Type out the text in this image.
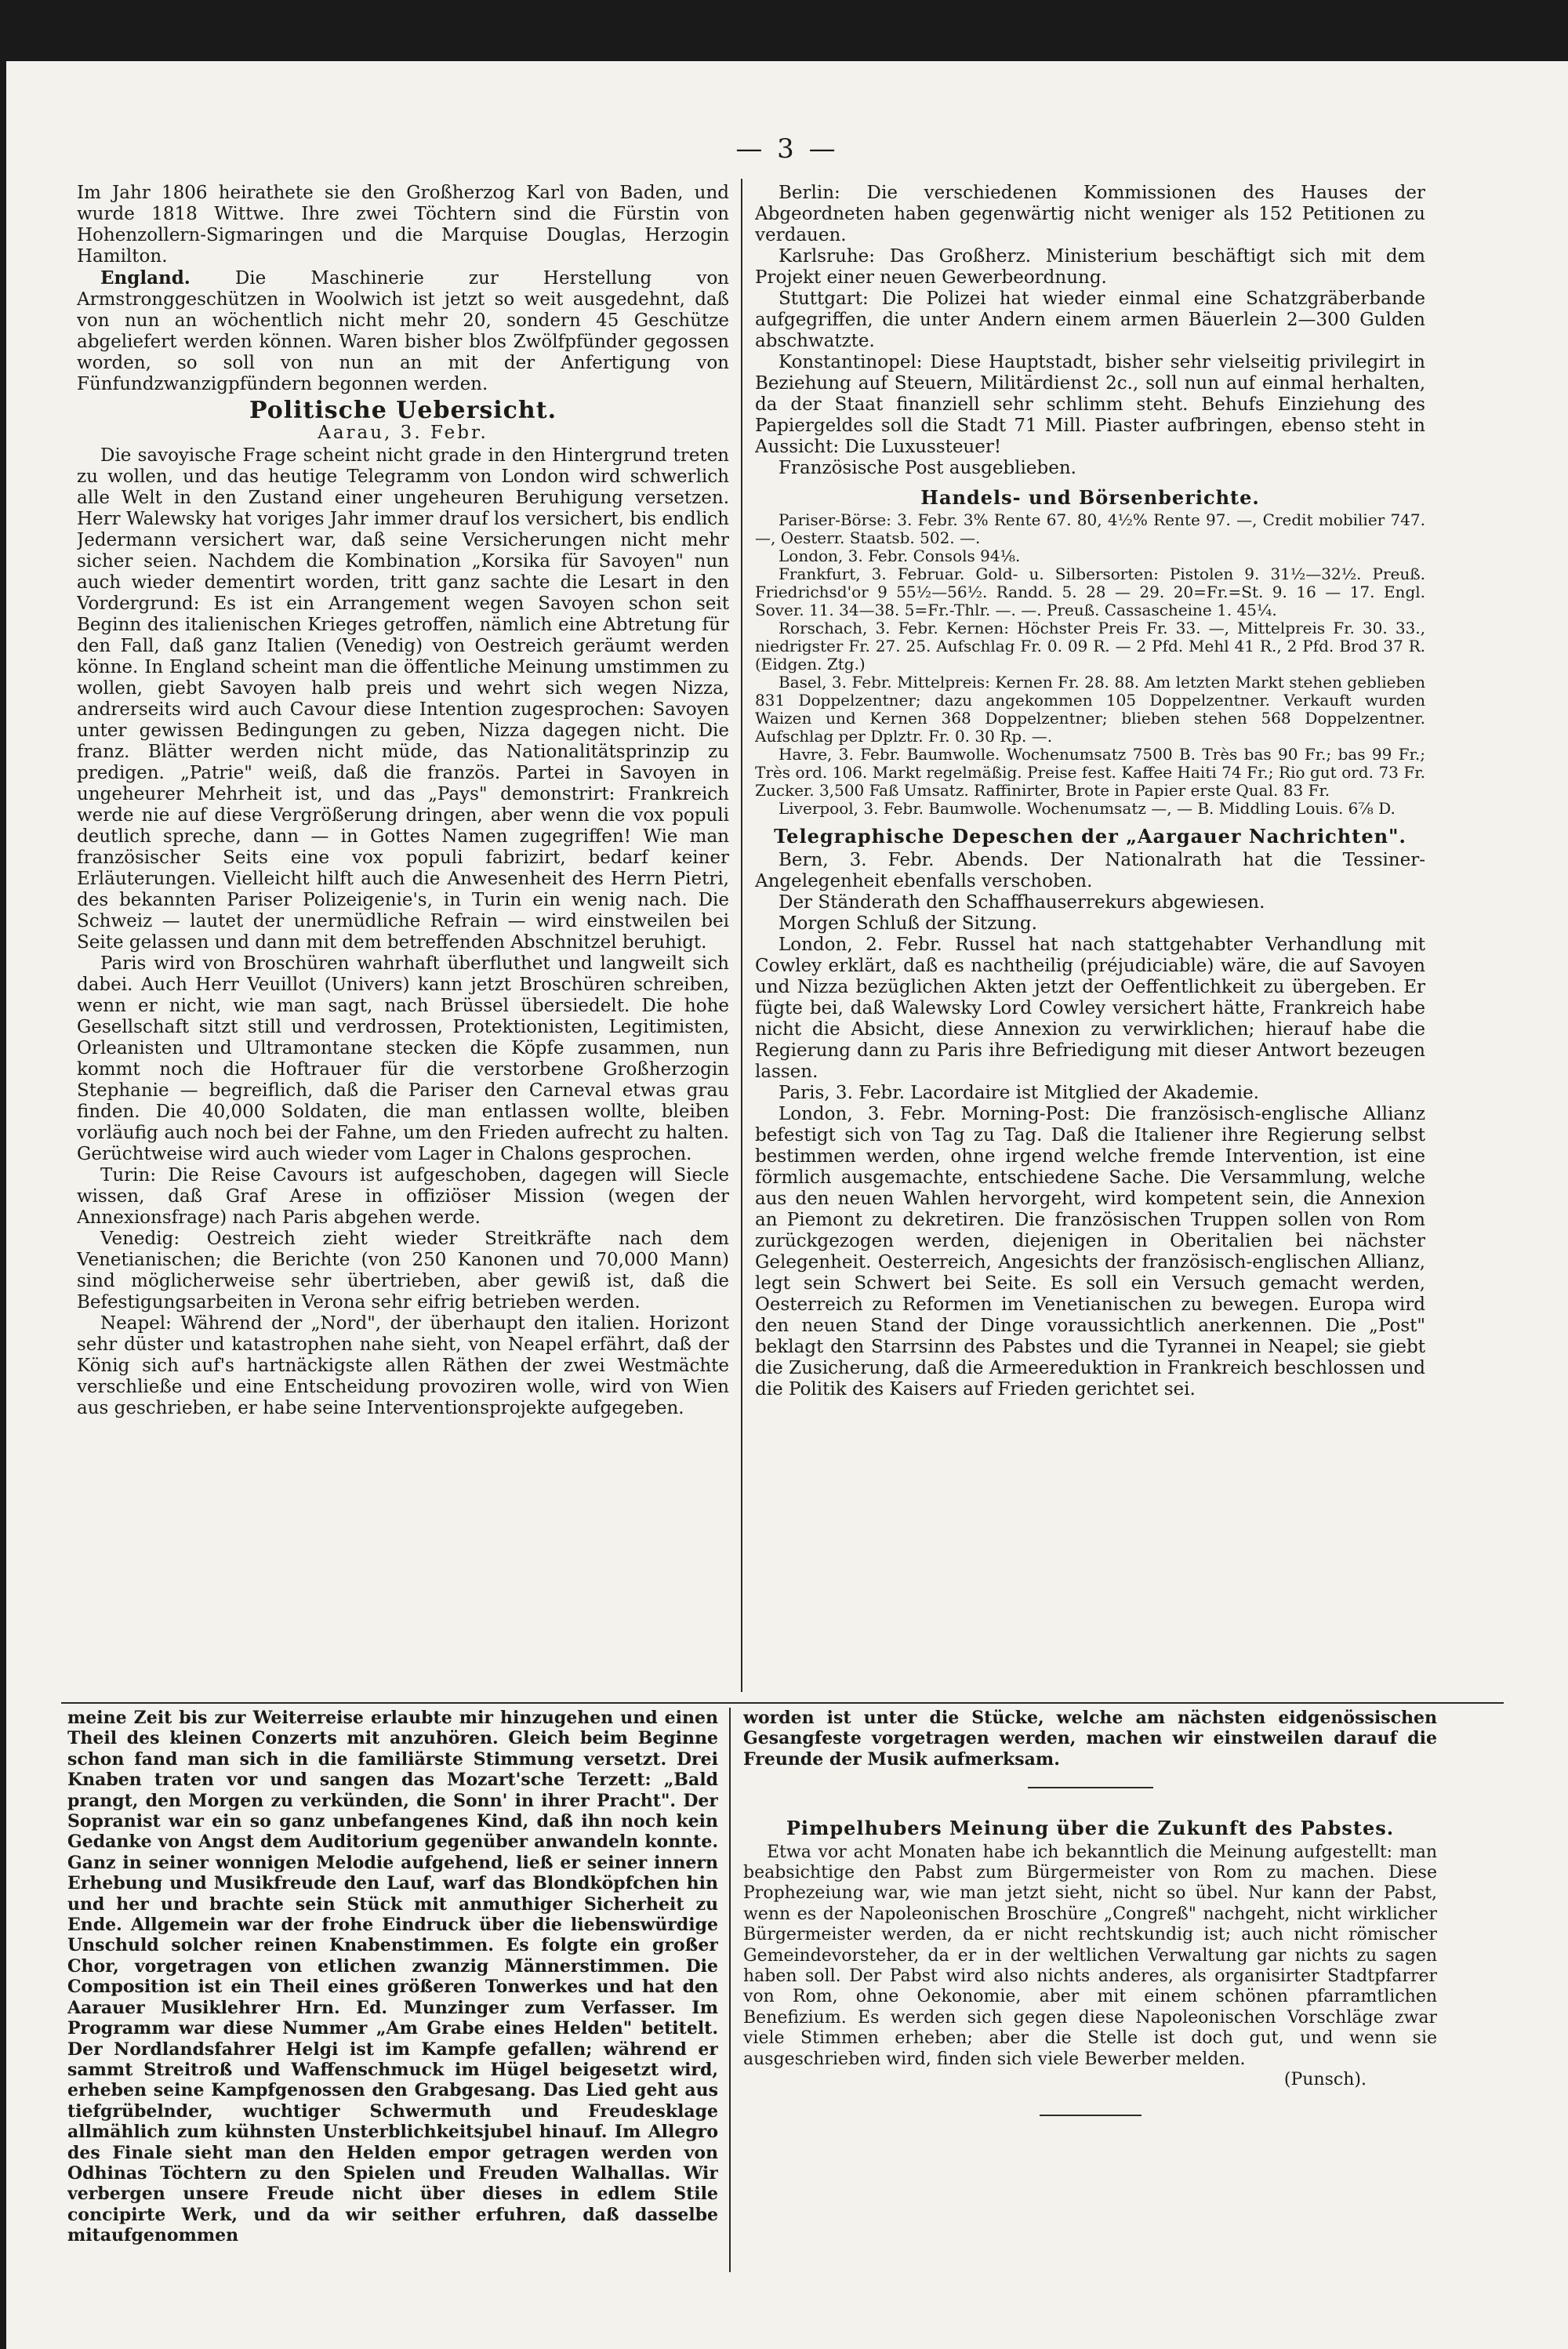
— 3 —

Im Jahr 1806 heirathete sie den Großherzog Karl von Baden, und wurde 1818 Wittwe. Ihre zwei Töchtern sind die Fürstin von Hohenzollern-Sigmaringen und die Marquise Douglas, Herzogin Hamilton.

England. Die Maschinerie zur Herstellung von Armstronggeschützen in Woolwich ist jetzt so weit ausgedehnt, daß von nun an wöchentlich nicht mehr 20, sondern 45 Geschütze abgeliefert werden können. Waren bisher blos Zwölfpfünder gegossen worden, so soll von nun an mit der Anfertigung von Fünfundzwanzigpfündern begonnen werden.

Politische Uebersicht.
Aarau, 3. Febr.

Die savoyische Frage scheint nicht grade in den Hintergrund treten zu wollen, und das heutige Telegramm von London wird schwerlich alle Welt in den Zustand einer ungeheuren Beruhigung versetzen. Herr Walewsky hat voriges Jahr immer drauf los versichert, bis endlich Jedermann versichert war, daß seine Versicherungen nicht mehr sicher seien. Nachdem die Kombination „Korsika für Savoyen" nun auch wieder dementirt worden, tritt ganz sachte die Lesart in den Vordergrund: Es ist ein Arrangement wegen Savoyen schon seit Beginn des italienischen Krieges getroffen, nämlich eine Abtretung für den Fall, daß ganz Italien (Venedig) von Oestreich geräumt werden könne. In England scheint man die öffentliche Meinung umstimmen zu wollen, giebt Savoyen halb preis und wehrt sich wegen Nizza, andrerseits wird auch Cavour diese Intention zugesprochen: Savoyen unter gewissen Bedingungen zu geben, Nizza dagegen nicht. Die franz. Blätter werden nicht müde, das Nationalitätsprinzip zu predigen. „Patrie" weiß, daß die französ. Partei in Savoyen in ungeheurer Mehrheit ist, und das „Pays" demonstrirt: Frankreich werde nie auf diese Vergrößerung dringen, aber wenn die vox populi deutlich spreche, dann — in Gottes Namen zugegriffen! Wie man französischer Seits eine vox populi fabrizirt, bedarf keiner Erläuterungen. Vielleicht hilft auch die Anwesenheit des Herrn Pietri, des bekannten Pariser Polizeigenie's, in Turin ein wenig nach. Die Schweiz — lautet der unermüdliche Refrain — wird einstweilen bei Seite gelassen und dann mit dem betreffenden Abschnitzel beruhigt.

Paris wird von Broschüren wahrhaft überfluthet und langweilt sich dabei. Auch Herr Veuillot (Univers) kann jetzt Broschüren schreiben, wenn er nicht, wie man sagt, nach Brüssel übersiedelt. Die hohe Gesellschaft sitzt still und verdrossen, Protektionisten, Legitimisten, Orleanisten und Ultramontane stecken die Köpfe zusammen, nun kommt noch die Hoftrauer für die verstorbene Großherzogin Stephanie — begreiflich, daß die Pariser den Carneval etwas grau finden. Die 40,000 Soldaten, die man entlassen wollte, bleiben vorläufig auch noch bei der Fahne, um den Frieden aufrecht zu halten. Gerüchtweise wird auch wieder vom Lager in Chalons gesprochen.

Turin: Die Reise Cavours ist aufgeschoben, dagegen will Siecle wissen, daß Graf Arese in offiziöser Mission (wegen der Annexionsfrage) nach Paris abgehen werde.

Venedig: Oestreich zieht wieder Streitkräfte nach dem Venetianischen; die Berichte (von 250 Kanonen und 70,000 Mann) sind möglicherweise sehr übertrieben, aber gewiß ist, daß die Befestigungsarbeiten in Verona sehr eifrig betrieben werden.

Neapel: Während der „Nord", der überhaupt den italien. Horizont sehr düster und katastrophen nahe sieht, von Neapel erfährt, daß der König sich auf's hartnäckigste allen Räthen der zwei Westmächte verschließe und eine Entscheidung provoziren wolle, wird von Wien aus geschrieben, er habe seine Interventionsprojekte aufgegeben.

Berlin: Die verschiedenen Kommissionen des Hauses der Abgeordneten haben gegenwärtig nicht weniger als 152 Petitionen zu verdauen.

Karlsruhe: Das Großherz. Ministerium beschäftigt sich mit dem Projekt einer neuen Gewerbeordnung.

Stuttgart: Die Polizei hat wieder einmal eine Schatzgräberbande aufgegriffen, die unter Andern einem armen Bäuerlein 2—300 Gulden abschwatzte.

Konstantinopel: Diese Hauptstadt, bisher sehr vielseitig privilegirt in Beziehung auf Steuern, Militärdienst 2c., soll nun auf einmal herhalten, da der Staat finanziell sehr schlimm steht. Behufs Einziehung des Papiergeldes soll die Stadt 71 Mill. Piaster aufbringen, ebenso steht in Aussicht: Die Luxussteuer!

Französische Post ausgeblieben.

Handels- und Börsenberichte.

Pariser-Börse: 3. Febr. 3% Rente 67. 80, 4½% Rente 97. —, Credit mobilier 747. —, Oesterr. Staatsb. 502. —.

London, 3. Febr. Consols 94⅛.

Frankfurt, 3. Februar. Gold- u. Silbersorten: Pistolen 9. 31½—32½. Preuß. Friedrichsd'or 9 55½—56½. Randd. 5. 28 — 29. 20=Fr.=St. 9. 16 — 17. Engl. Sover. 11. 34—38. 5=Fr.-Thlr. —. —. Preuß. Cassascheine 1. 45¼.

Rorschach, 3. Febr. Kernen: Höchster Preis Fr. 33. —, Mittelpreis Fr. 30. 33., niedrigster Fr. 27. 25. Aufschlag Fr. 0. 09 R. — 2 Pfd. Mehl 41 R., 2 Pfd. Brod 37 R. (Eidgen. Ztg.)

Basel, 3. Febr. Mittelpreis: Kernen Fr. 28. 88. Am letzten Markt stehen geblieben 831 Doppelzentner; dazu angekommen 105 Doppelzentner. Verkauft wurden Waizen und Kernen 368 Doppelzentner; blieben stehen 568 Doppelzentner. Aufschlag per Dplztr. Fr. 0. 30 Rp. —.

Havre, 3. Febr. Baumwolle. Wochenumsatz 7500 B. Très bas 90 Fr.; bas 99 Fr.; Très ord. 106. Markt regelmäßig. Preise fest. Kaffee Haiti 74 Fr.; Rio gut ord. 73 Fr. Zucker. 3,500 Faß Umsatz. Raffinirter, Brote in Papier erste Qual. 83 Fr.

Liverpool, 3. Febr. Baumwolle. Wochenumsatz —, — B. Middling Louis. 6⅞ D.

Telegraphische Depeschen der „Aargauer Nachrichten".

Bern, 3. Febr. Abends. Der Nationalrath hat die Tessiner-Angelegenheit ebenfalls verschoben.

Der Ständerath den Schaffhauserrekurs abgewiesen.

Morgen Schluß der Sitzung.

London, 2. Febr. Russel hat nach stattgehabter Verhandlung mit Cowley erklärt, daß es nachtheilig (préjudiciable) wäre, die auf Savoyen und Nizza bezüglichen Akten jetzt der Oeffentlichkeit zu übergeben. Er fügte bei, daß Walewsky Lord Cowley versichert hätte, Frankreich habe nicht die Absicht, diese Annexion zu verwirklichen; hierauf habe die Regierung dann zu Paris ihre Befriedigung mit dieser Antwort bezeugen lassen.

Paris, 3. Febr. Lacordaire ist Mitglied der Akademie.

London, 3. Febr. Morning-Post: Die französisch-englische Allianz befestigt sich von Tag zu Tag. Daß die Italiener ihre Regierung selbst bestimmen werden, ohne irgend welche fremde Intervention, ist eine förmlich ausgemachte, entschiedene Sache. Die Versammlung, welche aus den neuen Wahlen hervorgeht, wird kompetent sein, die Annexion an Piemont zu dekretiren. Die französischen Truppen sollen von Rom zurückgezogen werden, diejenigen in Oberitalien bei nächster Gelegenheit. Oesterreich, Angesichts der französisch-englischen Allianz, legt sein Schwert bei Seite. Es soll ein Versuch gemacht werden, Oesterreich zu Reformen im Venetianischen zu bewegen. Europa wird den neuen Stand der Dinge voraussichtlich anerkennen. Die „Post" beklagt den Starrsinn des Pabstes und die Tyrannei in Neapel; sie giebt die Zusicherung, daß die Armeereduktion in Frankreich beschlossen und die Politik des Kaisers auf Frieden gerichtet sei.

meine Zeit bis zur Weiterreise erlaubte mir hinzugehen und einen Theil des kleinen Conzerts mit anzuhören. Gleich beim Beginne schon fand man sich in die familiärste Stimmung versetzt. Drei Knaben traten vor und sangen das Mozart'sche Terzett: „Bald prangt, den Morgen zu verkünden, die Sonn' in ihrer Pracht". Der Sopranist war ein so ganz unbefangenes Kind, daß ihn noch kein Gedanke von Angst dem Auditorium gegenüber anwandeln konnte. Ganz in seiner wonnigen Melodie aufgehend, ließ er seiner innern Erhebung und Musikfreude den Lauf, warf das Blondköpfchen hin und her und brachte sein Stück mit anmuthiger Sicherheit zu Ende. Allgemein war der frohe Eindruck über die liebenswürdige Unschuld solcher reinen Knabenstimmen. Es folgte ein großer Chor, vorgetragen von etlichen zwanzig Männerstimmen. Die Composition ist ein Theil eines größeren Tonwerkes und hat den Aarauer Musiklehrer Hrn. Ed. Munzinger zum Verfasser. Im Programm war diese Nummer „Am Grabe eines Helden" betitelt. Der Nordlandsfahrer Helgi ist im Kampfe gefallen; während er sammt Streitroß und Waffenschmuck im Hügel beigesetzt wird, erheben seine Kampfgenossen den Grabgesang. Das Lied geht aus tiefgrübelnder, wuchtiger Schwermuth und Freudesklage allmählich zum kühnsten Unsterblichkeitsjubel hinauf. Im Allegro des Finale sieht man den Helden empor getragen werden von Odhinas Töchtern zu den Spielen und Freuden Walhallas. Wir verbergen unsere Freude nicht über dieses in edlem Stile concipirte Werk, und da wir seither erfuhren, daß dasselbe mitaufgenommen

worden ist unter die Stücke, welche am nächsten eidgenössischen Gesangfeste vorgetragen werden, machen wir einstweilen darauf die Freunde der Musik aufmerksam.

Pimpelhubers Meinung über die Zukunft des Pabstes.

Etwa vor acht Monaten habe ich bekanntlich die Meinung aufgestellt: man beabsichtige den Pabst zum Bürgermeister von Rom zu machen. Diese Prophezeiung war, wie man jetzt sieht, nicht so übel. Nur kann der Pabst, wenn es der Napoleonischen Broschüre „Congreß" nachgeht, nicht wirklicher Bürgermeister werden, da er nicht rechtskundig ist; auch nicht römischer Gemeindevorsteher, da er in der weltlichen Verwaltung gar nichts zu sagen haben soll. Der Pabst wird also nichts anderes, als organisirter Stadtpfarrer von Rom, ohne Oekonomie, aber mit einem schönen pfarramtlichen Benefizium. Es werden sich gegen diese Napoleonischen Vorschläge zwar viele Stimmen erheben; aber die Stelle ist doch gut, und wenn sie ausgeschrieben wird, finden sich viele Bewerber melden.

(Punsch).
